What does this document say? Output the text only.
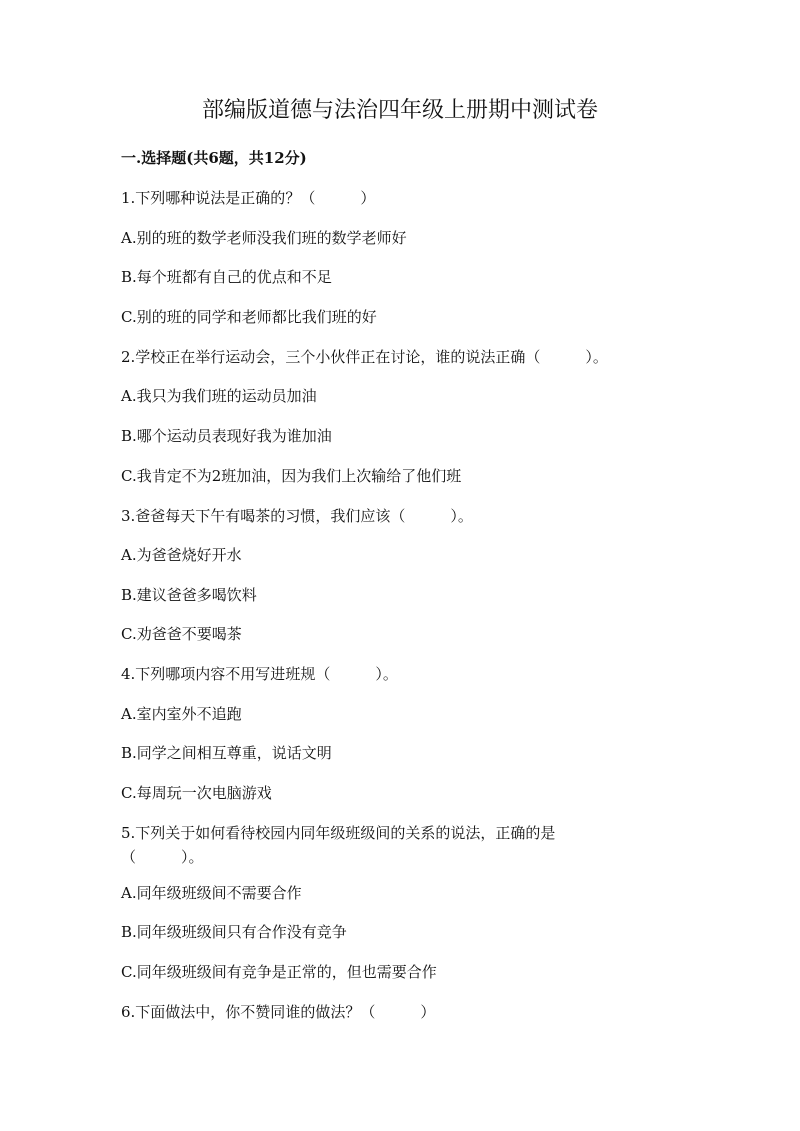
部编版道德与法治四年级上册期中测试卷
一.选择题(共6题，共12分)

1.下列哪种说法是正确的？（　　　）

A.别的班的数学老师没我们班的数学老师好

B.每个班都有自己的优点和不足

C.别的班的同学和老师都比我们班的好

2.学校正在举行运动会，三个小伙伴正在讨论，谁的说法正确（　　　）。

A.我只为我们班的运动员加油

B.哪个运动员表现好我为谁加油

C.我肯定不为2班加油，因为我们上次输给了他们班

3.爸爸每天下午有喝茶的习惯，我们应该（　　　）。

A.为爸爸烧好开水

B.建议爸爸多喝饮料

C.劝爸爸不要喝茶

4.下列哪项内容不用写进班规（　　　）。

A.室内室外不追跑

B.同学之间相互尊重，说话文明

C.每周玩一次电脑游戏

5.下列关于如何看待校园内同年级班级间的关系的说法，正确的是（　　　）。

A.同年级班级间不需要合作

B.同年级班级间只有合作没有竞争

C.同年级班级间有竞争是正常的，但也需要合作

6.下面做法中，你不赞同谁的做法？（　　　）
